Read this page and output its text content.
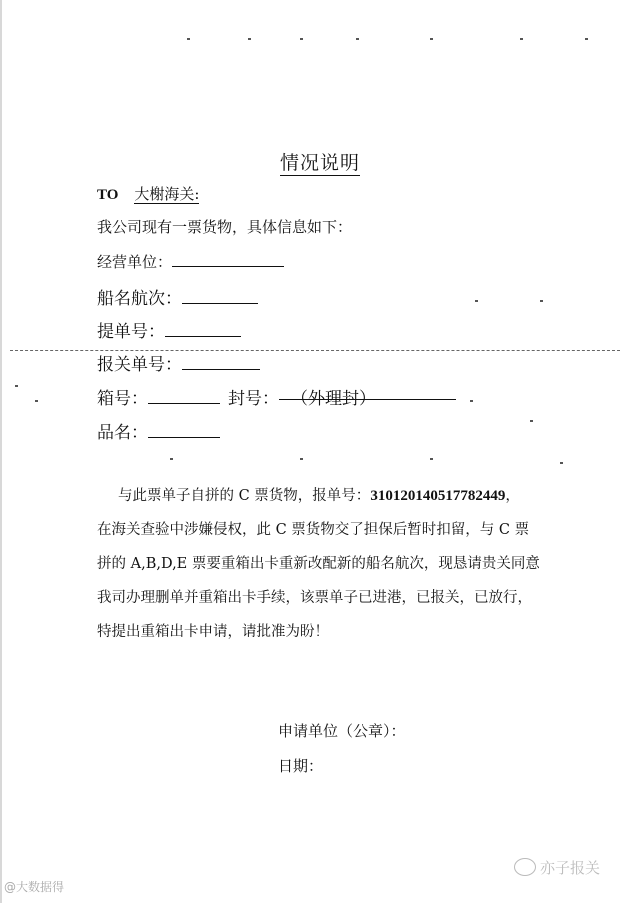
情况说明
TO 大榭海关:
我公司现有一票货物，具体信息如下：
经营单位：
船名航次：
提单号：
报关单号：
箱号：	封号： （外理封）
品名：
与此票单子自拼的 C 票货物，报单号：310120140517782449，
在海关查验中涉嫌侵权，此 C 票货物交了担保后暂时扣留，与 C 票
拼的 A,B,D,E 票要重箱出卡重新改配新的船名航次，现恳请贵关同意
我司办理删单并重箱出卡手续，该票单子已进港，已报关，已放行，
特提出重箱出卡申请，请批准为盼！
申请单位（公章）：
日期：
@大数据得
亦子报关
